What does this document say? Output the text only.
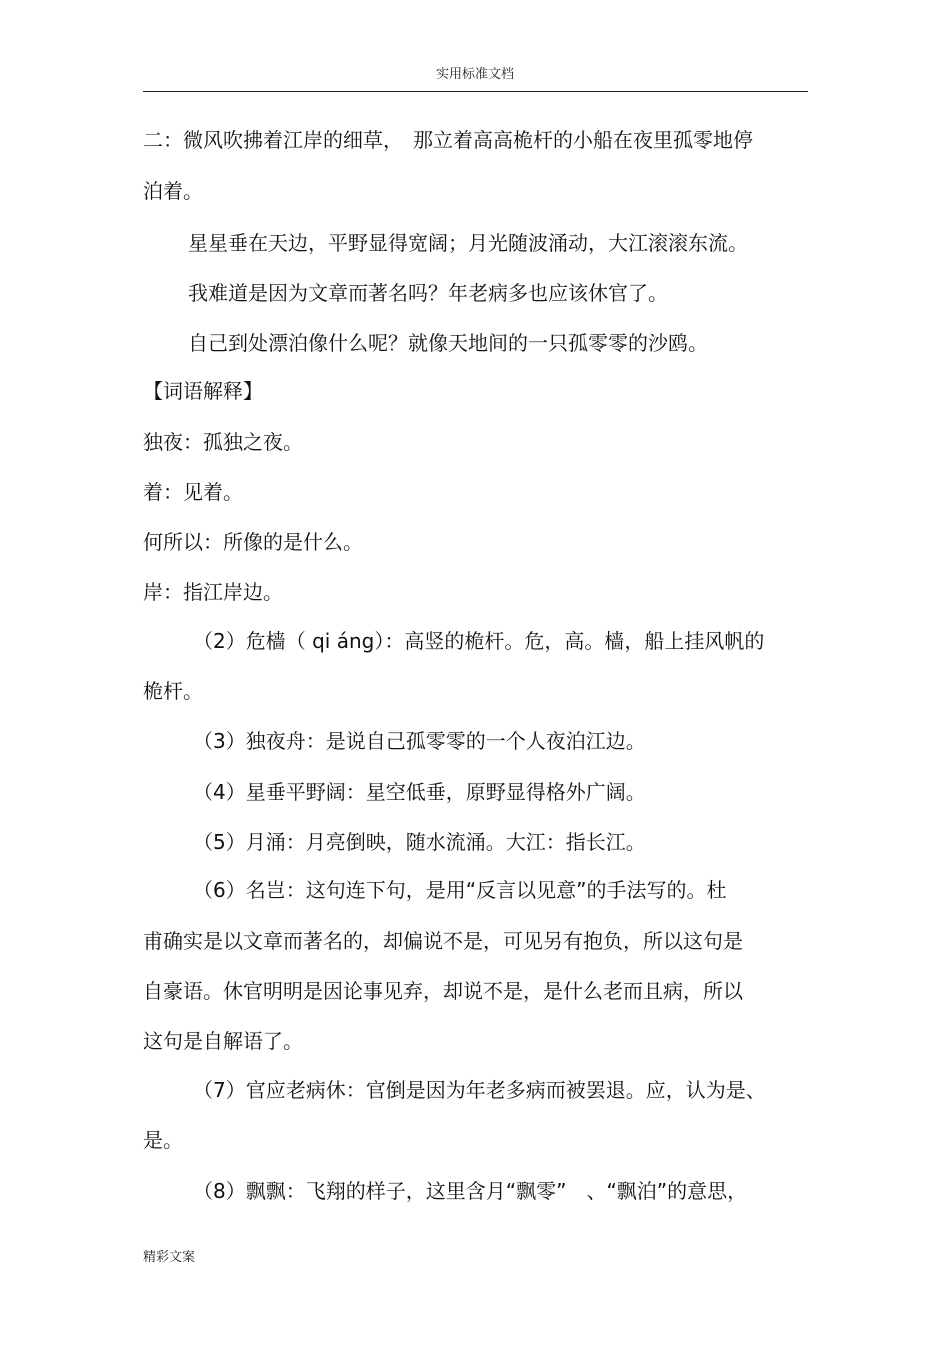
实用标准文档
二：微风吹拂着江岸的细草，　那立着高高桅杆的小船在夜里孤零地停
泊着。
星星垂在天边，平野显得宽阔；月光随波涌动，大江滚滚东流。
我难道是因为文章而著名吗？年老病多也应该休官了。
自己到处漂泊像什么呢？就像天地间的一只孤零零的沙鸥。
【词语解释】
独夜：孤独之夜。
着：见着。
何所以：所像的是什么。
岸：指江岸边。
（2）危樯（ qi áng）：高竖的桅杆。危，高。樯，船上挂风帆的
桅杆。
（3）独夜舟：是说自己孤零零的一个人夜泊江边。
（4）星垂平野阔：星空低垂，原野显得格外广阔。
（5）月涌：月亮倒映，随水流涌。大江：指长江。
（6）名岂：这句连下句，是用“反言以见意”的手法写的。杜
甫确实是以文章而著名的，却偏说不是，可见另有抱负，所以这句是
自豪语。休官明明是因论事见弃，却说不是，是什么老而且病，所以
这句是自解语了。
（7）官应老病休：官倒是因为年老多病而被罢退。应，认为是、
是。
（8）飘飘：飞翔的样子，这里含月“飘零”　、“飘泊”的意思，
精彩文案
